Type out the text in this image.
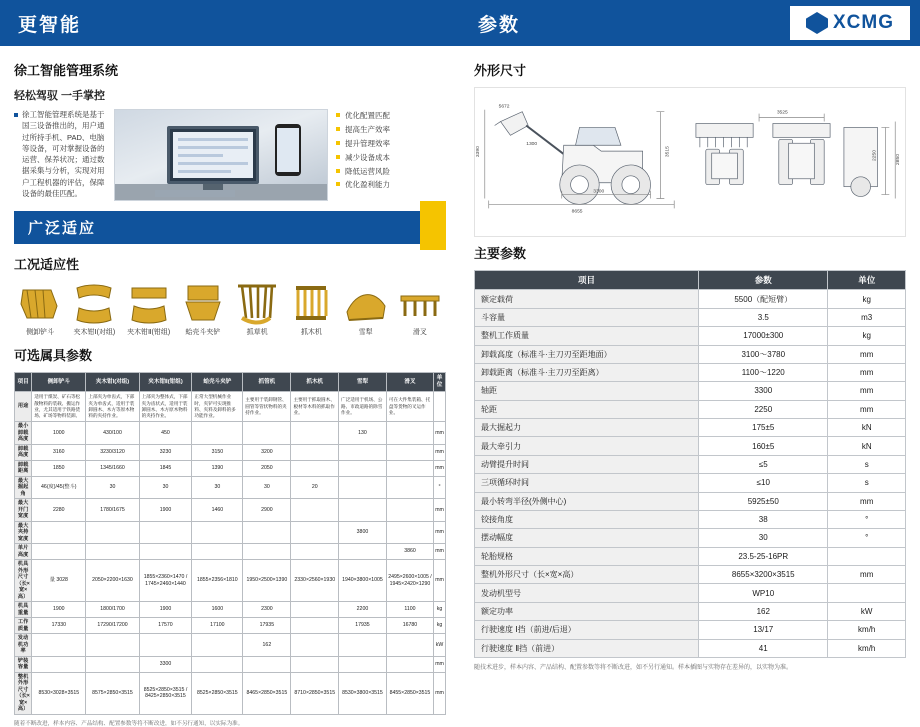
更智能	参数	XCMG
徐工智能管理系统
轻松驾驭 一手掌控
徐工智能管理系统是基于国三设备推出的，用户通过所持手机、PAD、电脑等设备，可对掌握设备的运营、保养状况；通过数据采集与分析，实现对用户工程机器的评估，保障设备的最佳匹配。
优化配置匹配
提高生产效率
提升管理效率
减少设备成本
降低运营风险
优化盈利能力
广泛适应
工况适应性
侧卸铲斗	夹木钳Ⅰ(对组)	夹木钳Ⅱ(钳组)	蛤壳斗夹铲	抓草机	抓木机	雪犁	滑叉
可选属具参数
项目	侧卸铲斗	夹木钳Ⅰ(对组)	夹木钳Ⅱ(钳组)	蛤壳斗夹铲	抓管机	抓木机	雪犁	滑叉	单位
用途	适用于煤炭、矿石等松散物料的装载、搬运作业，尤其适用于铁路货场、矿场等物料装卸。	上部夹为单齿式，下部夹为单齿式，适用于装卸圆木、木方等原木物料的夹持作业。	上部夹为整体式，下部夹为齿状式，适用于装卸圆木、木方原木物料的夹持作业。	正常大型机械作业时，夹铲可实现推料、夹料及卸料的多功能作业。	主要用于装卸钢管、圆管等管状物料的夹持作业。	主要用于抓取圆木、板材等木料的抓取作业。	广泛适用于机场、公路、市政道路的除雪作业。	可在大件集装箱、托盘等货物的叉运作业。	
最小卸载高度	1000	430/100	450				130		mm
卸载高度	3160	3230/3120	3230	3150	3200				mm
卸载距离	1850	1345/1660	1845	1390	2050				mm
最大掘起角	46(度)/45(整斗)	30	30	30	30	20			°
最大开门宽度	2280	1780/1675	1900	1460	2900				mm
最大夹持宽度							3800		mm
单片高度								3860	mm
机具外形尺寸（长×宽×高）	量 3028	2050×2200×1630	1855×2360×1470 / 1745×2460×1440	1855×2356×1810	1950×2500×1390	2330×2560×1930	1940×3800×1005	2495×2600×1005 / 1945×2420×1290	mm
机具重量	1900	1800/1700	1900	1600	2300		2200	1100	kg
工作质量	17330	17290/17200	17570	17100	17935		17935	16780	kg
发动机功率					162				kW
铲装容量			3300						mm
整机外形尺寸（长×宽×高）	8530×3028×3515	8575×2850×3515	8525×2850×3515 / 8425×2850×3515	8525×2850×3515	8465×2850×3515	8710×2850×3515	8530×3800×3515	8455×2850×3515	mm
随着不断改进，样本内容、产品结构、配置参数等将不断改进，如不另行通知，以实际为准。
外形尺寸
5672
1300
3390	3515
3300
8655
3525
2250	2850
主要参数
项目	参数	单位
额定载荷	5500（配短臂）	kg
斗容量	3.5	m3
整机工作质量	17000±300	kg
卸载高度（标准斗·主刀刃至距地面）	3100～3780	mm
卸载距离（标准斗·主刀刃至距离）	1100～1220	mm
轴距	3300	mm
轮距	2250	mm
最大掘起力	175±5	kN
最大牵引力	160±5	kN
动臂提升时间	≤5	s
三项循环时间	≤10	s
最小转弯半径(外侧中心)	5925±50	mm
铰接角度	38	°
摆动幅度	30	°
轮胎规格	23.5-25-16PR	
整机外形尺寸（长×宽×高）	8655×3200×3515	mm
发动机型号	WP10	
额定功率	162	kW
行驶速度 Ⅰ挡（前进/后退）	13/17	km/h
行驶速度 Ⅱ挡（前进）	41	km/h
随技术进步，样本内容、产品结构、配置参数等将不断改进，如不另行通知。样本插图与实物存在差异的，以实物为准。
